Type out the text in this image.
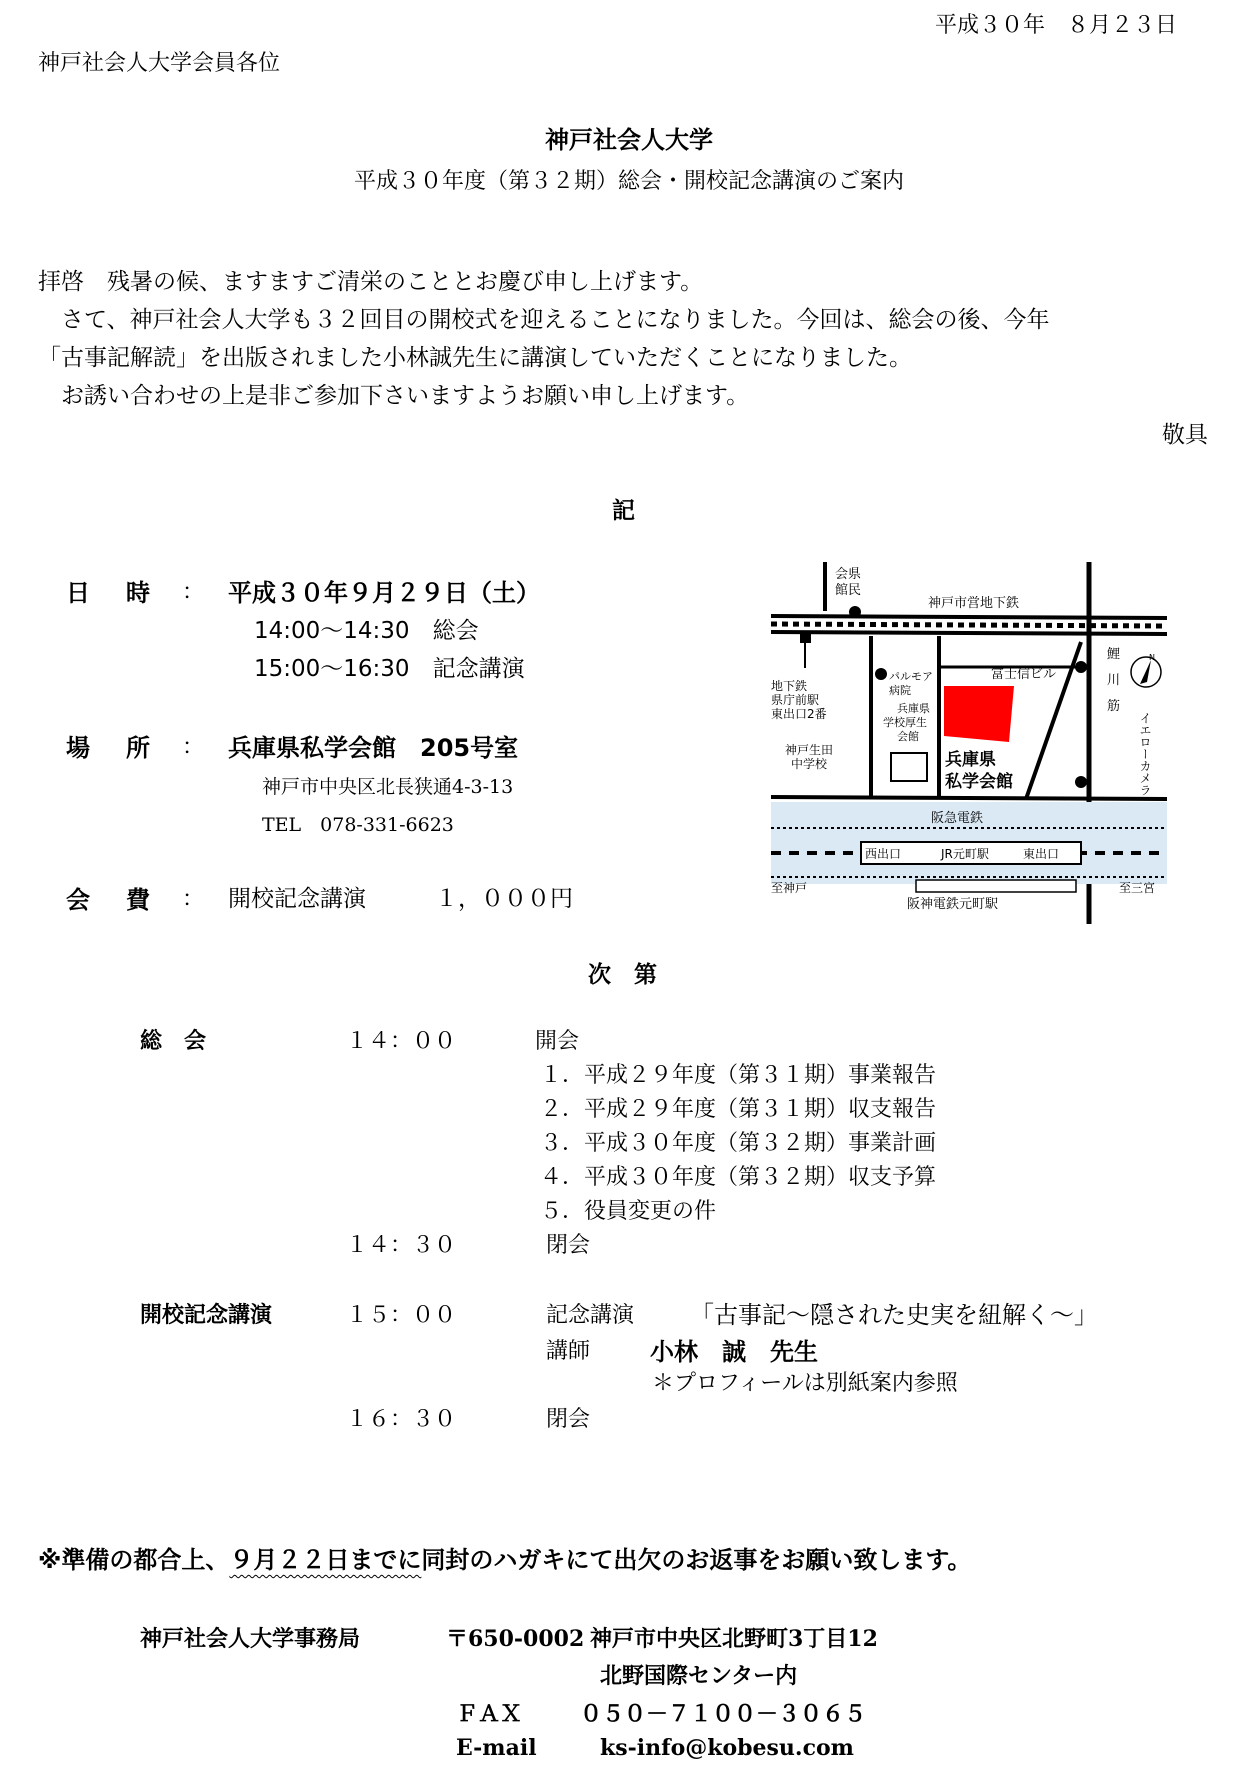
平成３０年　８月２３日
神戸社会人大学会員各位
神戸社会人大学
平成３０年度（第３２期）総会・開校記念講演のご案内
拝啓　残暑の候、ますますご清栄のこととお慶び申し上げます。
　さて、神戸社会人大学も３２回目の開校式を迎えることになりました。今回は、総会の後、今年
「古事記解読」を出版されました小林誠先生に講演していただくことになりました。
　お誘い合わせの上是非ご参加下さいますようお願い申し上げます。
敬具
記
日　時 ： 平成３０年９月２９日（土）
14:00～14:30　総会
15:00～16:30　記念講演
場　所 ： 兵庫県私学会館　205号室
神戸市中央区北長狭通4-3-13
TEL　078-331-6623
会　費 ： 開校記念講演　　　１，０００円
N
会県
館民
神戸市営地下鉄
富士信ビル
鯉
川
筋
地下鉄
県庁前駅
東出口2番
パルモア
病院
兵庫県
学校厚生
会館
神戸生田
中学校	兵庫県
私学会館	イエローカメラ
阪急電鉄
西出口	JR元町駅	東出口
至神戸	至三宮
阪神電鉄元町駅
次　第
総　会	１４：００	開会
１．平成２９年度（第３１期）事業報告
２．平成２９年度（第３１期）収支報告
３．平成３０年度（第３２期）事業計画
４．平成３０年度（第３２期）収支予算
５．役員変更の件
１４：３０	閉会
開校記念講演	１５：００	記念講演 「古事記～隠された史実を紐解く～」
講師 小林　誠　先生
＊プロフィールは別紙案内参照
１６：３０	閉会
※準備の都合上、９月２２日までに同封のハガキにて出欠のお返事をお願い致します。
神戸社会人大学事務局	〒650-0002 神戸市中央区北野町3丁目12
北野国際センター内
ＦＡＸ	０５０－７１００－３０６５
E-mail	ks-info@kobesu.com
